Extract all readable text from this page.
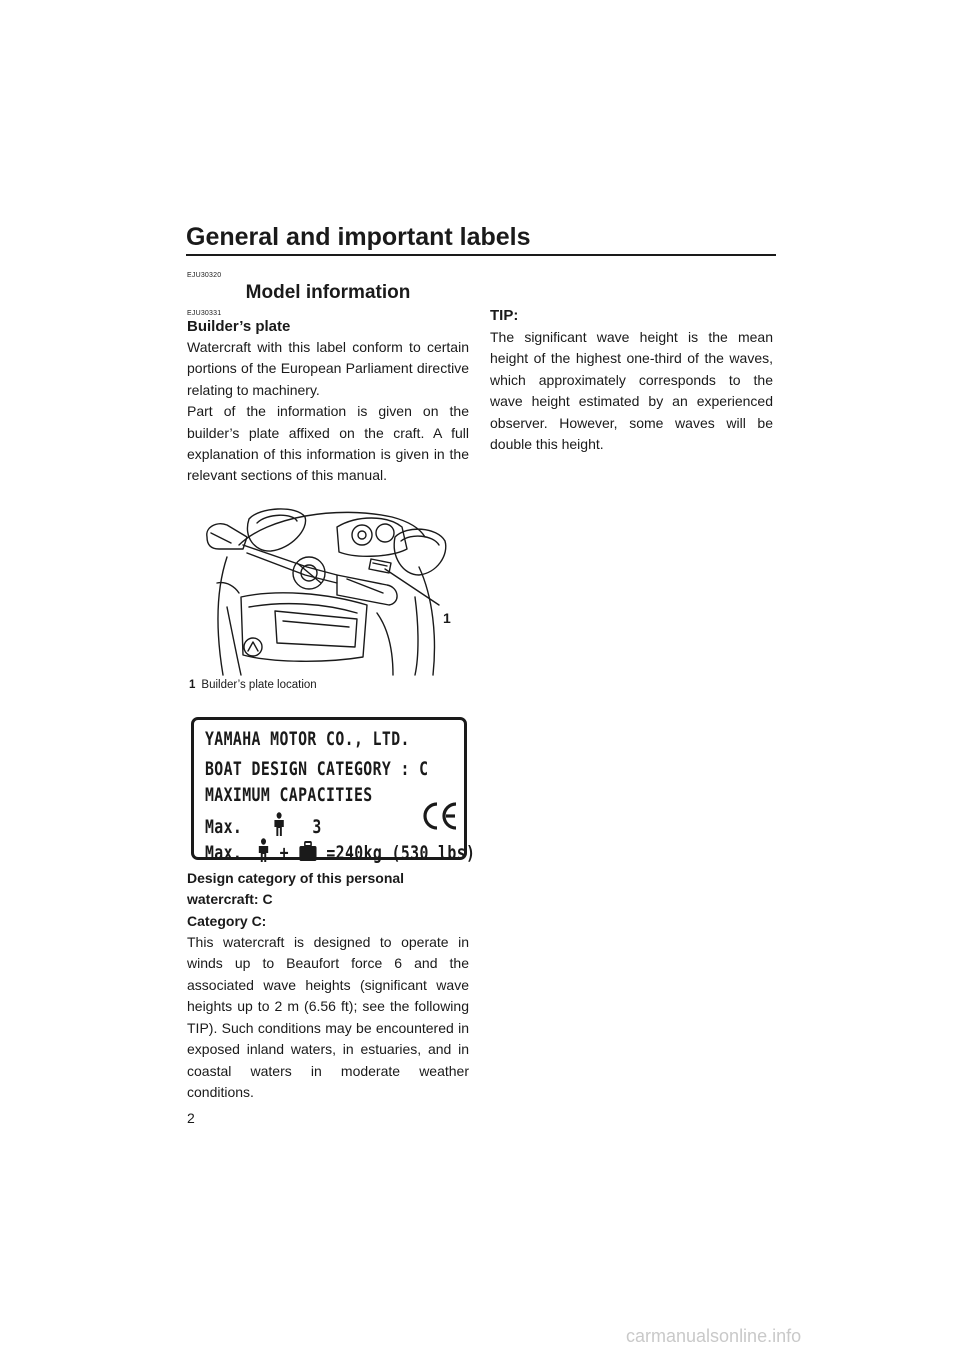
General and important labels
EJU30320
Model information
EJU30331
Builder’s plate

Watercraft with this label conform to certain portions of the European Parliament directive relating to machinery.

Part of the information is given on the builder’s plate affixed on the craft. A full explanation of this information is given in the relevant sections of this manual.

1
1 Builder’s plate location
YAMAHA MOTOR CO., LTD.
BOAT DESIGN CATEGORY : C
MAXIMUM CAPACITIES
Max.	3
Max. + =240kg (530 lbs)

Design category of this personal watercraft: C

Category C:

This watercraft is designed to operate in winds up to Beaufort force 6 and the associated wave heights (significant wave heights up to 2 m (6.56 ft); see the following TIP). Such conditions may be encountered in exposed inland waters, in estuaries, and in coastal waters in moderate weather conditions.

TIP:

The significant wave height is the mean height of the highest one-third of the waves, which approximately corresponds to the wave height estimated by an experienced observer. However, some waves will be double this height.

2
carmanualsonline.info
